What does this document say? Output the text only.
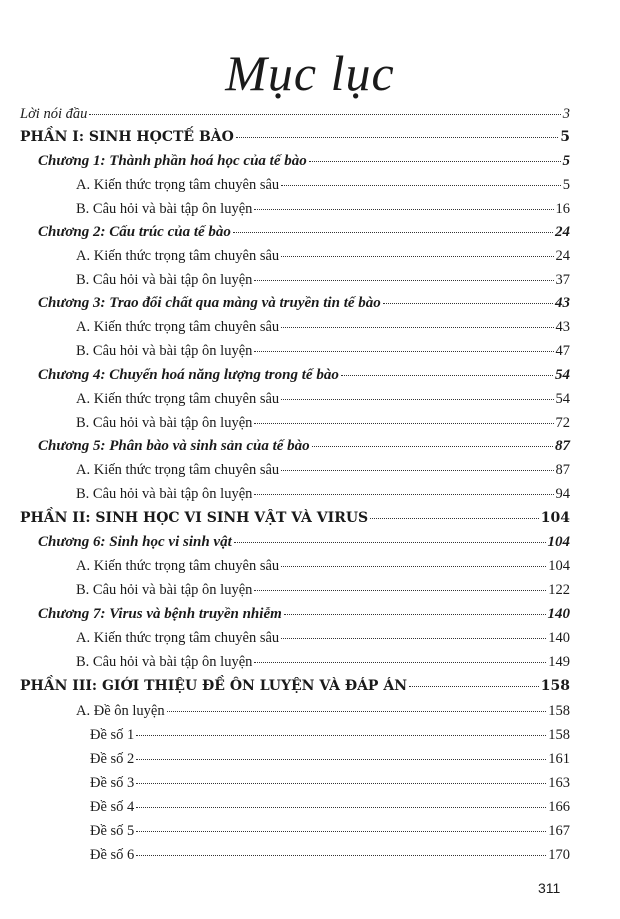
Mục lục
Lời nói đầu	3
PHẦN I: SINH HỌCTẾ BÀO	5
Chương 1: Thành phần hoá học của tế bào	5
A. Kiến thức trọng tâm chuyên sâu	5
B. Câu hỏi và bài tập ôn luyện	16
Chương 2: Cấu trúc của tế bào	24
A. Kiến thức trọng tâm chuyên sâu	24
B. Câu hỏi và bài tập ôn luyện	37
Chương 3: Trao đổi chất qua màng và truyền tin tế bào	43
A. Kiến thức trọng tâm chuyên sâu	43
B. Câu hỏi và bài tập ôn luyện	47
Chương 4: Chuyển hoá năng lượng trong tế bào	54
A. Kiến thức trọng tâm chuyên sâu	54
B. Câu hỏi và bài tập ôn luyện	72
Chương 5: Phân bào và sinh sản của tế bào	87
A. Kiến thức trọng tâm chuyên sâu	87
B. Câu hỏi và bài tập ôn luyện	94
PHẦN II: SINH HỌC VI SINH VẬT VÀ VIRUS	104
Chương 6: Sinh học vi sinh vật	104
A. Kiến thức trọng tâm chuyên sâu	104
B. Câu hỏi và bài tập ôn luyện	122
Chương 7: Virus và bệnh truyền nhiễm	140
A. Kiến thức trọng tâm chuyên sâu	140
B. Câu hỏi và bài tập ôn luyện	149
PHẦN III: GIỚI THIỆU ĐỀ ÔN LUYỆN VÀ ĐÁP ÁN	158
A. Đề ôn luyện	158
Đề số 1	158
Đề số 2	161
Đề số 3	163
Đề số 4	166
Đề số 5	167
Đề số 6	170
311
